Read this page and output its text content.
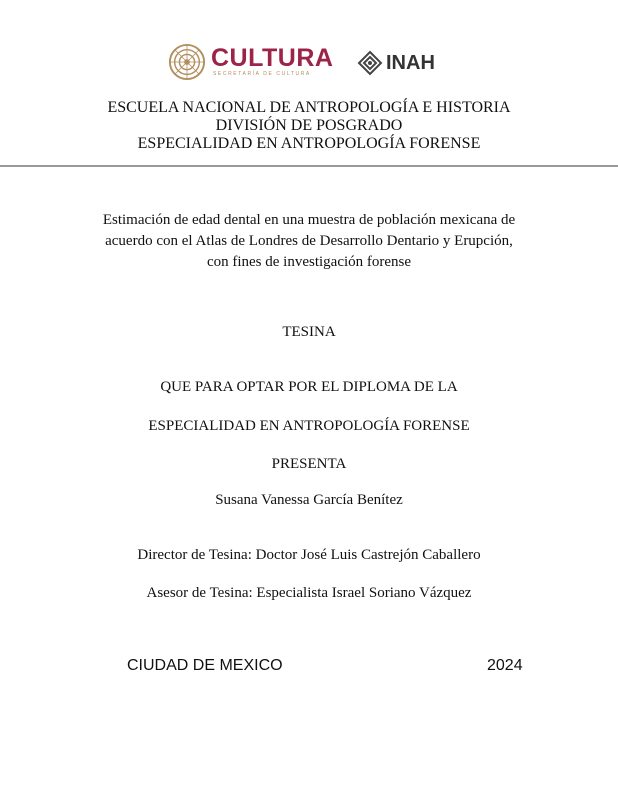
CULTURA
SECRETARÍA DE CULTURA	INAH
ESCUELA NACIONAL DE ANTROPOLOGÍA E HISTORIA
DIVISIÓN DE POSGRADO
ESPECIALIDAD EN ANTROPOLOGÍA FORENSE
Estimación de edad dental en una muestra de población mexicana de
acuerdo con el Atlas de Londres de Desarrollo Dentario y Erupción,
con fines de investigación forense
TESINA
QUE PARA OPTAR POR EL DIPLOMA DE LA
ESPECIALIDAD EN ANTROPOLOGÍA FORENSE
PRESENTA
Susana Vanessa García Benítez
Director de Tesina: Doctor José Luis Castrejón Caballero
Asesor de Tesina: Especialista Israel Soriano Vázquez
CIUDAD DE MEXICO	2024
